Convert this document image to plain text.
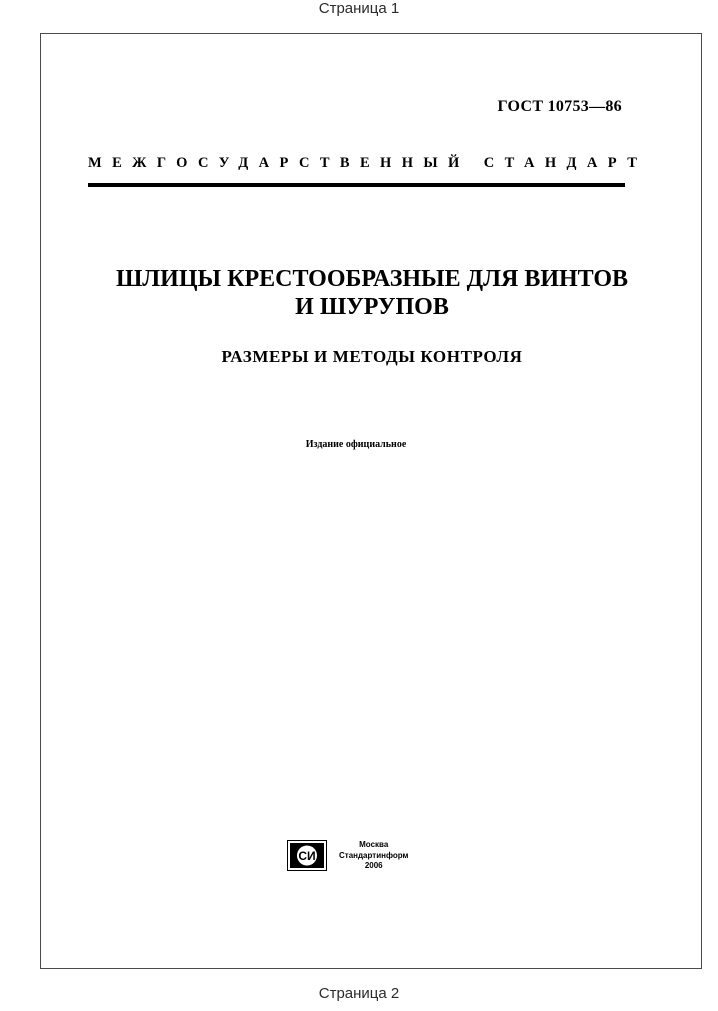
Страница 1
ГОСТ 10753—86
МЕЖГОСУДАРСТВЕННЫЙ СТАНДАРТ
ШЛИЦЫ КРЕСТООБРАЗНЫЕ ДЛЯ ВИНТОВ
И ШУРУПОВ
РАЗМЕРЫ И МЕТОДЫ КОНТРОЛЯ
Издание официальное
СИ
Москва
Стандартинформ
2006
Страница 2
